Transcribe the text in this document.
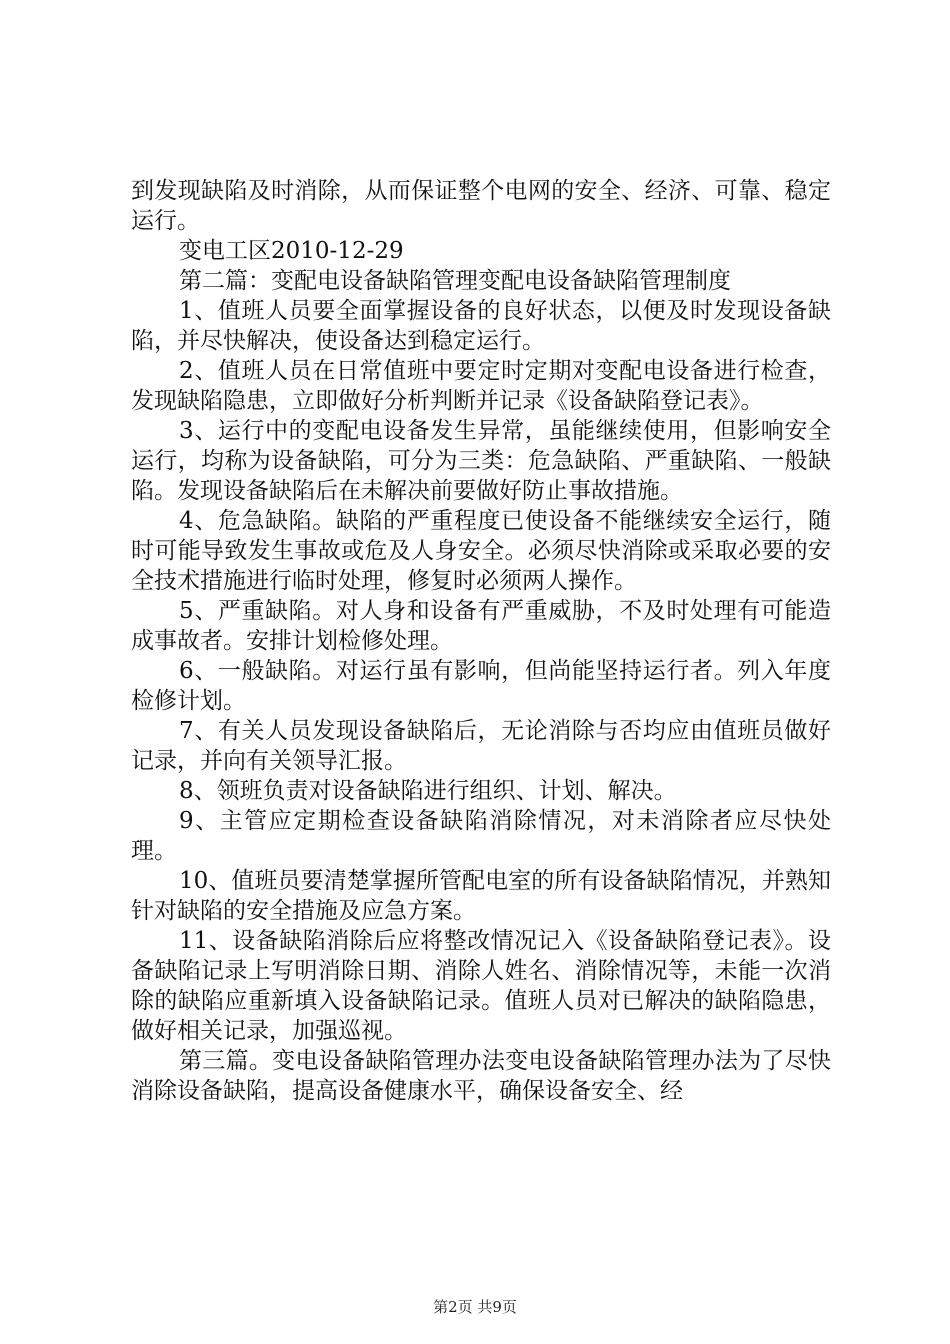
到发现缺陷及时消除，从而保证整个电网的安全、经济、可靠、稳定运行。

变电工区2010-12-29

第二篇：变配电设备缺陷管理变配电设备缺陷管理制度

1、值班人员要全面掌握设备的良好状态，以便及时发现设备缺陷，并尽快解决，使设备达到稳定运行。

2、值班人员在日常值班中要定时定期对变配电设备进行检查，发现缺陷隐患，立即做好分析判断并记录《设备缺陷登记表》。

3、运行中的变配电设备发生异常，虽能继续使用，但影响安全运行，均称为设备缺陷，可分为三类：危急缺陷、严重缺陷、一般缺陷。发现设备缺陷后在未解决前要做好防止事故措施。

4、危急缺陷。缺陷的严重程度已使设备不能继续安全运行，随时可能导致发生事故或危及人身安全。必须尽快消除或采取必要的安全技术措施进行临时处理，修复时必须两人操作。

5、严重缺陷。对人身和设备有严重威胁，不及时处理有可能造成事故者。安排计划检修处理。

6、一般缺陷。对运行虽有影响，但尚能坚持运行者。列入年度检修计划。

7、有关人员发现设备缺陷后，无论消除与否均应由值班员做好记录，并向有关领导汇报。

8、领班负责对设备缺陷进行组织、计划、解决。

9、主管应定期检查设备缺陷消除情况，对未消除者应尽快处理。

10、值班员要清楚掌握所管配电室的所有设备缺陷情况，并熟知针对缺陷的安全措施及应急方案。

11、设备缺陷消除后应将整改情况记入《设备缺陷登记表》。设备缺陷记录上写明消除日期、消除人姓名、消除情况等，未能一次消除的缺陷应重新填入设备缺陷记录。值班人员对已解决的缺陷隐患，做好相关记录，加强巡视。

第三篇。变电设备缺陷管理办法变电设备缺陷管理办法为了尽快消除设备缺陷，提高设备健康水平，确保设备安全、经

第2页 共9页
